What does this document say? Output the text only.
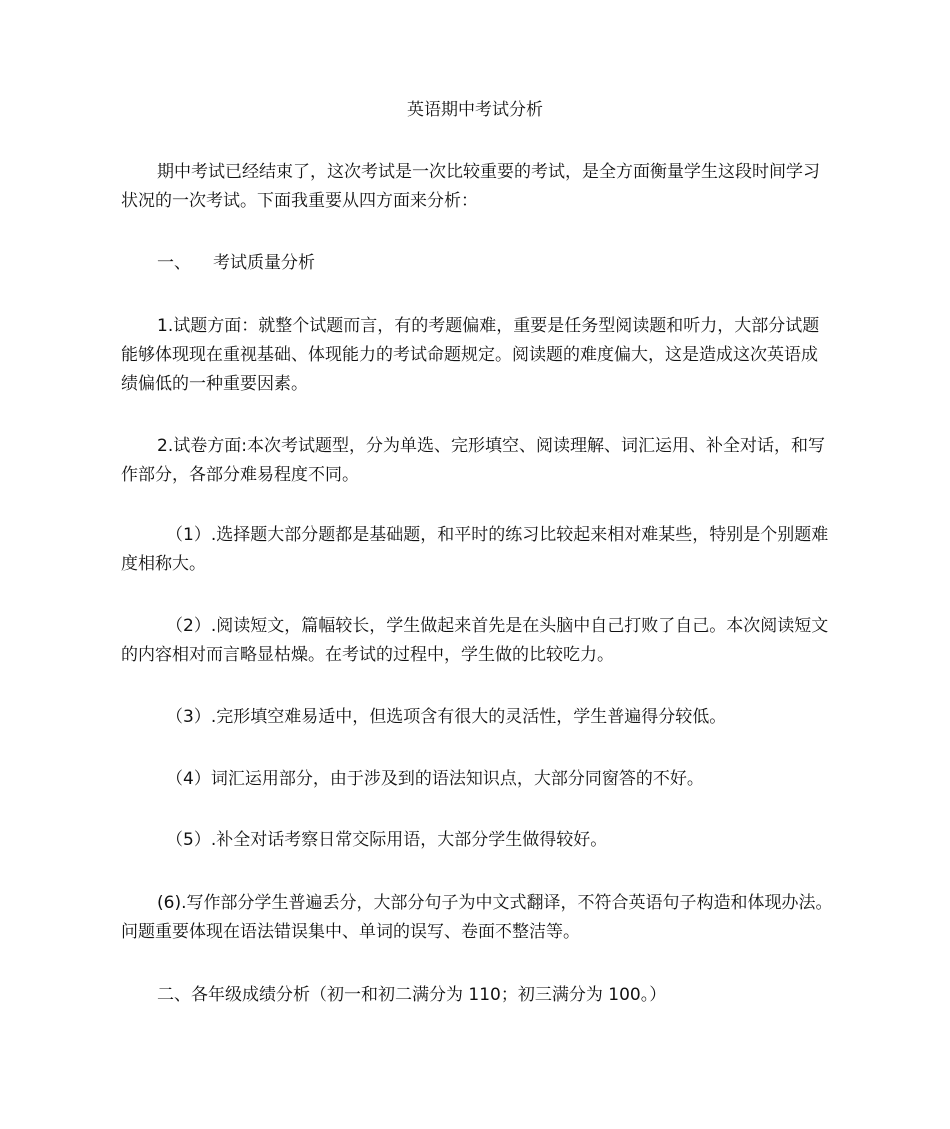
英语期中考试分析
期中考试已经结束了，这次考试是一次比较重要的考试，是全方面衡量学生这段时间学习状况的一次考试。下面我重要从四方面来分析：
一、 考试质量分析
1.试题方面：就整个试题而言，有的考题偏难，重要是任务型阅读题和听力，大部分试题能够体现现在重视基础、体现能力的考试命题规定。阅读题的难度偏大，这是造成这次英语成绩偏低的一种重要因素。
2.试卷方面:本次考试题型，分为单选、完形填空、阅读理解、词汇运用、补全对话，和写作部分，各部分难易程度不同。
（1）.选择题大部分题都是基础题，和平时的练习比较起来相对难某些，特别是个别题难度相称大。
（2）.阅读短文，篇幅较长，学生做起来首先是在头脑中自己打败了自己。本次阅读短文的内容相对而言略显枯燥。在考试的过程中，学生做的比较吃力。
（3）.完形填空难易适中，但选项含有很大的灵活性，学生普遍得分较低。
（4）词汇运用部分，由于涉及到的语法知识点，大部分同窗答的不好。
（5）.补全对话考察日常交际用语，大部分学生做得较好。
(6).写作部分学生普遍丢分，大部分句子为中文式翻译，不符合英语句子构造和体现办法。问题重要体现在语法错误集中、单词的误写、卷面不整洁等。
二、各年级成绩分析（初一和初二满分为 110；初三满分为 100。）
